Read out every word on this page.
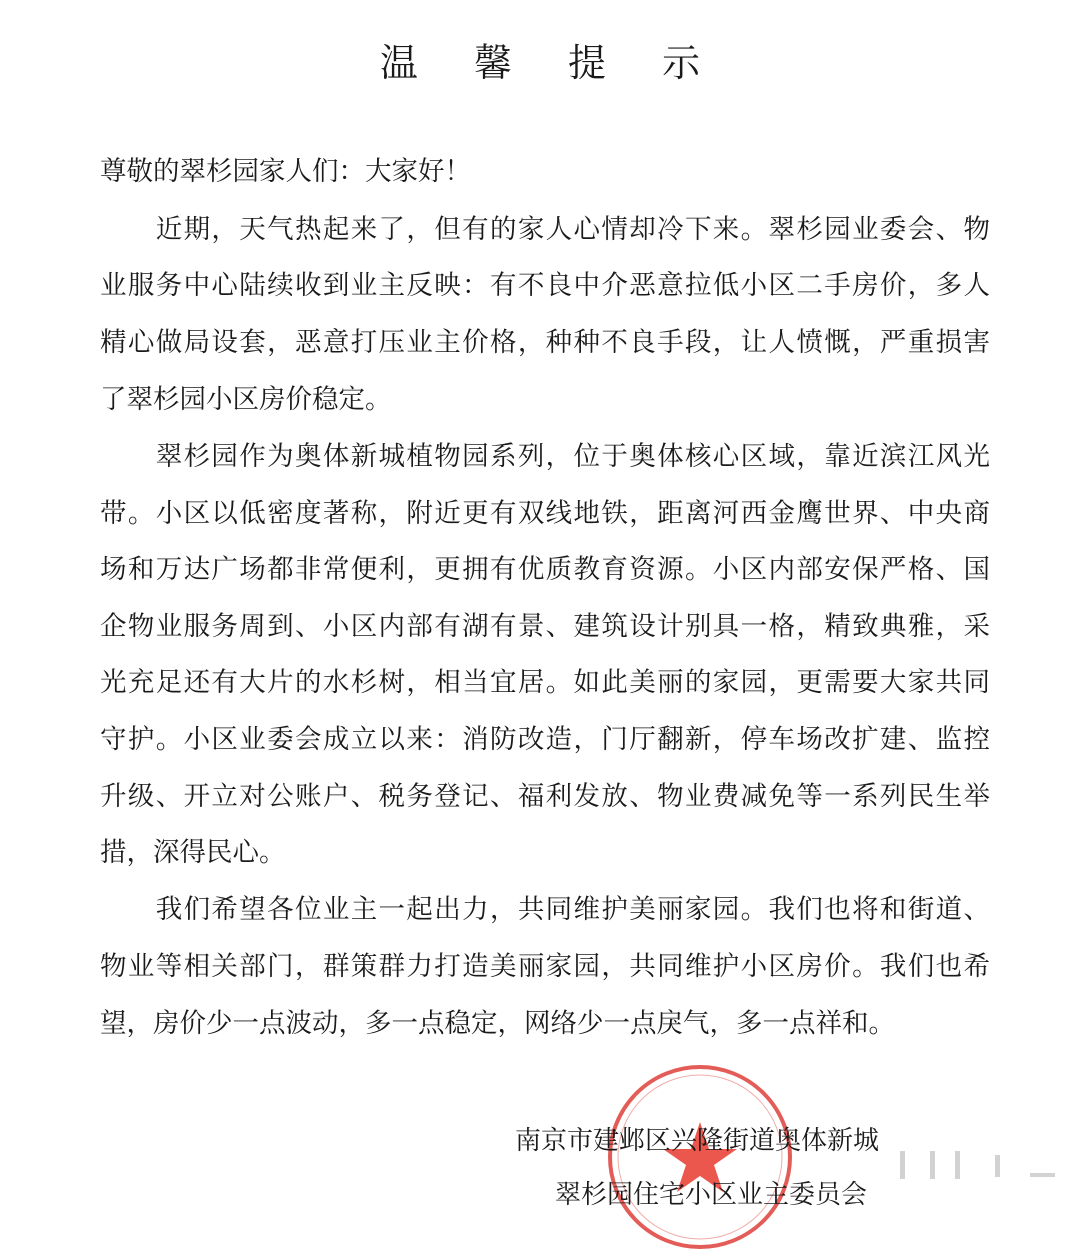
温 馨 提 示
尊敬的翠杉园家人们：大家好！
　　近期，天气热起来了，但有的家人心情却冷下来。翠杉园业委会、物
业服务中心陆续收到业主反映：有不良中介恶意拉低小区二手房价，多人
精心做局设套，恶意打压业主价格，种种不良手段，让人愤慨，严重损害
了翠杉园小区房价稳定。
　　翠杉园作为奥体新城植物园系列，位于奥体核心区域，靠近滨江风光
带。小区以低密度著称，附近更有双线地铁，距离河西金鹰世界、中央商
场和万达广场都非常便利，更拥有优质教育资源。小区内部安保严格、国
企物业服务周到、小区内部有湖有景、建筑设计别具一格，精致典雅，采
光充足还有大片的水杉树，相当宜居。如此美丽的家园，更需要大家共同
守护。小区业委会成立以来：消防改造，门厅翻新，停车场改扩建、监控
升级、开立对公账户、税务登记、福利发放、物业费减免等一系列民生举
措，深得民心。
　　我们希望各位业主一起出力，共同维护美丽家园。我们也将和街道、
物业等相关部门，群策群力打造美丽家园，共同维护小区房价。我们也希
望，房价少一点波动，多一点稳定，网络少一点戾气，多一点祥和。
南京市建邺区兴隆街道奥体新城
翠杉园住宅小区业主委员会
